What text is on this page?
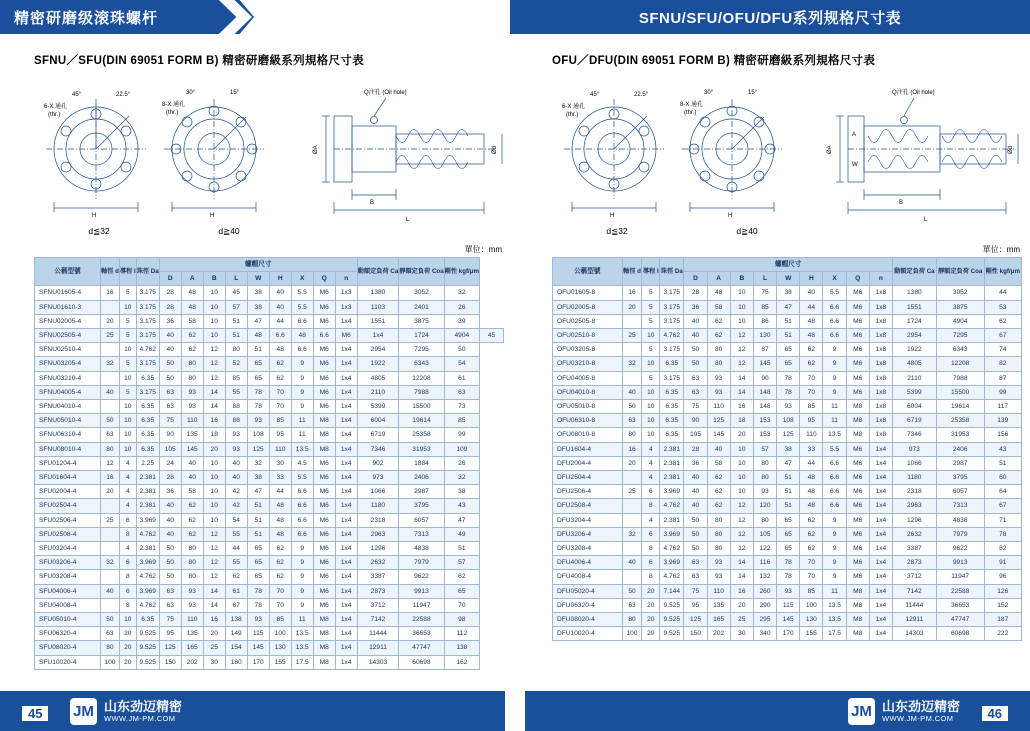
精密研磨级滚珠螺杆	SFNU/SFU/OFU/DFU系列规格尺寸表
SFNU／SFU(DIN 69051 FORM B) 精密研磨級系列規格尺寸表
45°	22.5°	30°	15°
6-X 通孔
(thr.)
8-X 通孔
(thr.)
Q注孔 (Oil hole)
ØA	Ød
B
L
H	H
d≦32	d≧40
單位：mm
公稱型號	軸徑 d	導程 I	珠徑 Da	螺帽尺寸									動額定負荷 Ca	靜額定負荷 Coa	剛性 kgf/μm	
				D	A	B	L	W	H	X	Q	n				
SFNU01605-4	16	5	3.175	28	48	10	45	38	40	5.5	M6	1x3	1380	3052	32	
SFNU01610-3		10	3.175	28	48	10	57	38	40	5.5	M6	1x3	1103	2401	26	
SFNU02005-4	20	5	3.175	36	58	10	51	47	44	6.6	M6	1x4	1551	3875	39	
SFNU02505-4	25	5	3.175	40	62	10	51	48	6.6	48	6.6	M6	1x4	1724	4904	45
SFNU02510-4		10	4.762	40	62	12	80	51	48	6.6	M6	1x4	2954	7295	50	
SFNU03205-4	32	5	3.175	50	80	12	52	65	62	9	M6	1x4	1922	6343	54	
SFNU03210-4		10	6.35	50	80	12	85	65	62	9	M6	1x4	4805	12208	61	
SFNU04005-4	40	5	3.175	63	93	14	55	78	70	9	M6	1x4	2110	7988	63	
SFNU04010-4		10	6.35	63	93	14	88	78	70	9	M6	1x4	5399	15500	73	
SFNU05010-4	50	10	6.35	75	110	16	88	93	85	11	M8	1x4	6004	19614	85	
SFNU06310-4	63	10	6.35	90	135	18	93	108	95	11	M8	1x4	6719	25358	99	
SFNU08010-4	80	10	6.35	105	145	20	93	125	110	13.5	M8	1x4	7346	31953	109	
SFU01204-4	12	4	2.25	24	40	10	40	32	30	4.5	M6	1x4	902	1884	26	
SFU01604-4	16	4	2.381	28	40	10	40	38	33	5.5	M6	1x4	973	2406	32	
SFU02004-4	20	4	2.381	36	58	10	42	47	44	6.6	M6	1x4	1066	2987	38	
SFU02504-4		4	2.381	40	62	10	42	51	48	6.6	M6	1x4	1180	3795	43	
SFU02506-4	25	6	3.969	40	62	10	54	51	48	6.6	M6	1x4	2318	6057	47	
SFU02508-4		8	4.762	40	62	12	55	51	48	6.6	M6	1x4	2963	7313	49	
SFU03204-4		4	2.381	50	80	12	44	65	62	9	M6	1x4	1296	4838	51	
SFU03206-4	32	6	3.969	50	80	12	55	65	62	9	M6	1x4	2632	7979	57	
SFU03208-4		8	4.762	50	80	12	62	65	62	9	M6	1x4	3387	9622	62	
SFU04006-4	40	6	3.969	63	93	14	61	78	70	9	M6	1x4	2873	9913	65	
SFU04008-4		8	4.762	63	93	14	67	78	70	9	M6	1x4	3712	11947	70	
SFU05010-4	50	10	6.35	75	110	16	138	93	85	11	M8	1x4	7142	22588	98	
SFU06320-4	63	20	9.525	95	135	20	149	115	100	13.5	M8	1x4	11444	36653	112	
SFU08020-4	80	20	9.525	125	165	25	154	145	130	13.5	M8	1x4	12911	47747	138	
SFU10020-4	100	20	9.525	150	202	30	180	170	155	17.5	M8	1x4	14303	60698	162	
OFU／DFU(DIN 69051 FORM B) 精密研磨級系列規格尺寸表
45°	22.5°	30°	15°
6-X 通孔
(thr.)
8-X 通孔
(thr.)
Q注孔 (Oil hole)
ØA	Ød
A
W
B
L
H	H
d≦32	d≧40
單位：mm
公稱型號	軸徑 d	導程 I	珠徑 Da	螺帽尺寸									動額定負荷 Ca	靜額定負荷 Coa	剛性 kgf/μm
				D	A	B	L	W	H	X	Q	n			
OFU01605-8	16	5	3.175	28	48	10	75	38	40	5.5	M6	1x8	1380	3052	44
OFU02005-8	20	5	3.175	36	58	10	85	47	44	6.6	M6	1x8	1551	3875	53
OFU02505-8		5	3.175	40	62	10	86	51	48	6.6	M6	1x8	1724	4904	62
OFU02510-8	25	10	4.762	40	62	12	130	51	48	6.6	M6	1x8	2954	7295	67
OFU03205-8		5	3.175	50	80	12	87	65	62	9	M6	1x8	1922	6343	74
OFU03210-8	32	10	6.35	50	80	12	145	65	62	9	M6	1x8	4805	12208	82
OFU04005-8		5	3.175	63	93	14	90	78	70	9	M6	1x8	2110	7988	87
OFU04010-8	40	10	6.35	63	93	14	148	78	70	9	M6	1x8	5399	15500	99
OFU05010-8	50	10	6.35	75	110	16	148	93	85	11	M8	1x8	6004	19614	117
OFU06310-8	63	10	6.35	90	125	18	153	108	95	11	M8	1x8	6719	25358	139
OFU08010-8	80	10	6.35	105	145	20	153	125	110	13.5	M8	1x8	7346	31953	156
DFU1604-4	16	4	2.381	28	40	10	57	38	33	5.5	M6	1x4	973	2406	43
DFU2004-4	20	4	2.381	36	58	10	80	47	44	6.6	M6	1x4	1066	2987	51
DFU2504-4		4	2.381	40	62	10	80	51	48	6.6	M6	1x4	1180	3795	60
DFU2506-4	25	6	3.969	40	62	10	93	51	48	6.6	M6	1x4	2318	6057	64
DFU2508-4		8	4.762	40	62	12	120	51	48	6.6	M6	1x4	2963	7313	67
DFU3204-4		4	2.381	50	80	12	80	65	62	9	M6	1x4	1296	4838	71
DFU3206-4	32	6	3.969	50	80	12	105	65	62	9	M6	1x4	2632	7979	78
DFU3208-4		8	4.762	50	80	12	122	65	62	9	M6	1x4	3387	9622	82
DFU4006-4	40	6	3.969	63	93	14	116	78	70	9	M6	1x4	2873	9913	91
DFU4008-4		8	4.762	63	93	14	132	78	70	9	M6	1x4	3712	11947	96
DFU05020-4	50	20	7.144	75	110	16	260	93	85	11	M8	1x4	7142	22588	126
DFU06320-4	63	20	9.525	95	135	20	290	115	100	13.5	M8	1x4	11444	36653	152
DFU08020-4	80	20	9.525	125	165	25	295	145	130	13.5	M8	1x4	12911	47747	187
DFU10020-4	100	20	9.525	150	202	30	340	170	155	17.5	M8	1x4	14303	60698	222
45	46
JM 山东劲迈精密
WWW.JM-PM.COM	JM 山东劲迈精密
WWW.JM-PM.COM
